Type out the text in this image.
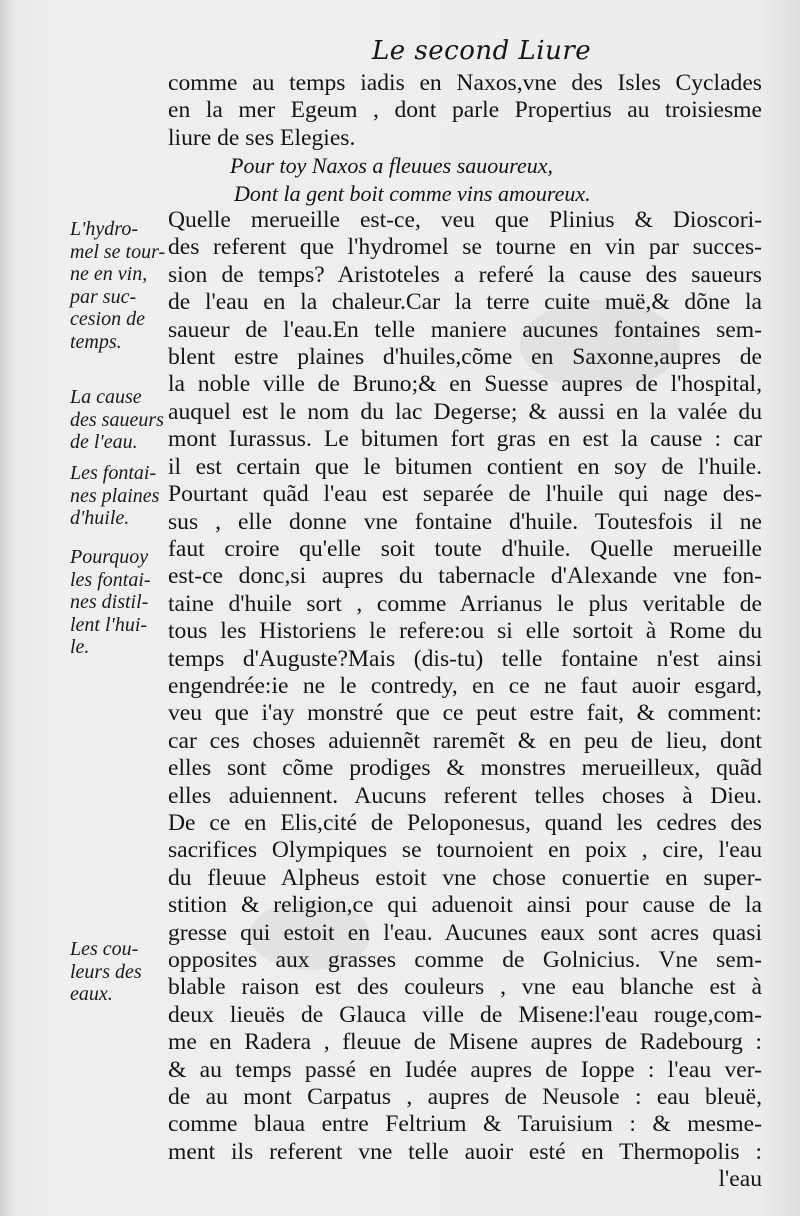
Le second Liure
comme au temps iadis en Naxos,vne des Isles Cyclades
en la mer Egeum , dont parle Propertius au troisiesme
liure de ses Elegies.
Pour toy Naxos a fleuues sauoureux,
Dont la gent boit comme vins amoureux.
Quelle merueille est-ce, veu que Plinius & Dioscori-
des referent que l'hydromel se tourne en vin par succes-
sion de temps? Aristoteles a referé la cause des saueurs
de l'eau en la chaleur.Car la terre cuite muë,& dõne la
saueur de l'eau.En telle maniere aucunes fontaines sem-
blent estre plaines d'huiles,cõme en Saxonne,aupres de
la noble ville de Bruno;& en Suesse aupres de l'hospital,
auquel est le nom du lac Degerse; & aussi en la valée du
mont Iurassus. Le bitumen fort gras en est la cause : car
il est certain que le bitumen contient en soy de l'huile.
Pourtant quãd l'eau est separée de l'huile qui nage des-
sus , elle donne vne fontaine d'huile. Toutesfois il ne
faut croire qu'elle soit toute d'huile. Quelle merueille
est-ce donc,si aupres du tabernacle d'Alexande vne fon-
taine d'huile sort , comme Arrianus le plus veritable de
tous les Historiens le refere:ou si elle sortoit à Rome du
temps d'Auguste?Mais (dis-tu) telle fontaine n'est ainsi
engendrée:ie ne le contredy, en ce ne faut auoir esgard,
veu que i'ay monstré que ce peut estre fait, & comment:
car ces choses aduiennẽt raremẽt & en peu de lieu, dont
elles sont cõme prodiges & monstres merueilleux, quãd
elles aduiennent. Aucuns referent telles choses à Dieu.
De ce en Elis,cité de Peloponesus, quand les cedres des
sacrifices Olympiques se tournoient en poix , cire, l'eau
du fleuue Alpheus estoit vne chose conuertie en super-
stition & religion,ce qui aduenoit ainsi pour cause de la
gresse qui estoit en l'eau. Aucunes eaux sont acres quasi
opposites aux grasses comme de Golnicius. Vne sem-
blable raison est des couleurs , vne eau blanche est à
deux lieuës de Glauca ville de Misene:l'eau rouge,com-
me en Radera , fleuue de Misene aupres de Radebourg :
& au temps passé en Iudée aupres de Ioppe : l'eau ver-
de au mont Carpatus , aupres de Neusole : eau bleuë,
comme blaua entre Feltrium & Taruisium : & mesme-
ment ils referent vne telle auoir esté en Thermopolis :
l'eau
L'hydro-
mel se tour-
ne en vin,
par suc-
cesion de
temps.
La cause
des saueurs
de l'eau.
Les fontai-
nes plaines
d'huile.
Pourquoy
les fontai-
nes distil-
lent l'hui-
le.
Les cou-
leurs des
eaux.
